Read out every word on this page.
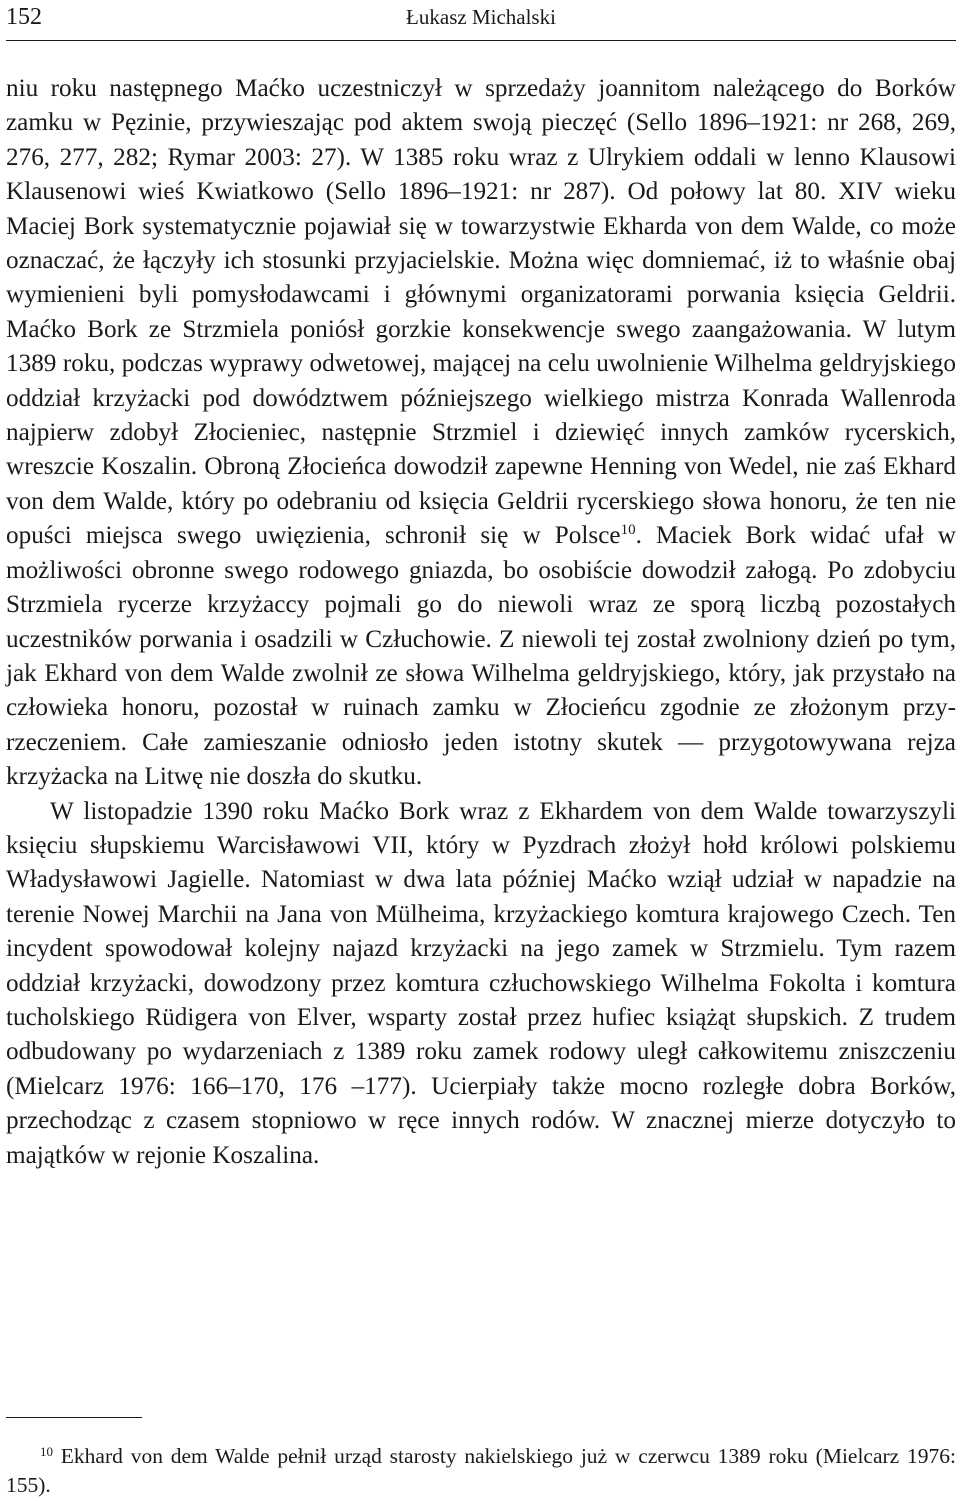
152	Łukasz Michalski

niu roku następnego Maćko uczestniczył w sprzedaży joannitom należącego do Borków zamku w Pęzinie, przywieszając pod aktem swoją pieczęć (Sello 1896–1921: nr 268, 269, 276, 277, 282; Rymar 2003: 27). W 1385 roku wraz z Ulrykiem oddali w lenno Klausowi Klausenowi wieś Kwiatkowo (Sello 1896–1921: nr 287). Od połowy lat 80. XIV wieku Maciej Bork systematycznie pojawiał się w towarzystwie Ekharda von dem Walde, co może oznaczać, że łączyły ich stosunki przyjacielskie. Można więc domniemać, iż to właśnie obaj wymienieni byli pomysłodawcami i głównymi organizatorami porwania księcia Geldrii. Maćko Bork ze Strzmiela poniósł gorzkie konsekwencje swego zaangażowania. W lutym 1389 roku, podczas wyprawy odwetowej, mającej na celu uwolnienie Wilhelma geldryjskiego oddział krzyżacki pod dowództwem późniejszego wielkiego mistrza Konrada Wallenroda najpierw zdobył Złocieniec, następnie Strzmiel i dziewięć innych zamków rycerskich, wreszcie Koszalin. Obroną Złocieńca dowodził zapewne Henning von Wedel, nie zaś Ekhard von dem Walde, który po odebraniu od księcia Geldrii rycerskiego słowa honoru, że ten nie opuści miejsca swego uwięzienia, schronił się w Polsce$^{10}$. Maciek Bork widać ufał w możliwości obronne swego rodowego gniazda, bo osobiście dowodził załogą. Po zdobyciu Strzmiela rycerze krzyżaccy pojmali go do niewoli wraz ze sporą liczbą pozostałych uczestników porwania i osadzili w Człuchowie. Z niewoli tej został zwolniony dzień po tym, jak Ekhard von dem Walde zwolnił ze słowa Wilhelma geldryjskiego, który, jak przystało na człowieka honoru, pozostał w ruinach zamku w Złocieńcu zgodnie ze złożonym przyrzeczeniem. Całe zamieszanie odniosło jeden istotny skutek — przygotowywana rejza krzyżacka na Litwę nie doszła do skutku.

W listopadzie 1390 roku Maćko Bork wraz z Ekhardem von dem Walde towarzyszyli księciu słupskiemu Warcisławowi VII, który w Pyzdrach złożył hołd królowi polskiemu Władysławowi Jagielle. Natomiast w dwa lata później Maćko wziął udział w napadzie na terenie Nowej Marchii na Jana von Mülheima, krzyżackiego komtura krajowego Czech. Ten incydent spowodował kolejny najazd krzyżacki na jego zamek w Strzmielu. Tym razem oddział krzyżacki, dowodzony przez komtura człuchowskiego Wilhelma Fokolta i komtura tucholskiego Rüdigera von Elver, wsparty został przez hufiec książąt słupskich. Z trudem odbudowany po wydarzeniach z 1389 roku zamek rodowy uległ całkowitemu zniszczeniu (Mielcarz 1976: 166–170, 176 –177). Ucierpiały także mocno rozległe dobra Borków, przechodząc z czasem stopniowo w ręce innych rodów. W znacznej mierze dotyczyło to majątków w rejonie Koszalina.

$^{10}$ Ekhard von dem Walde pełnił urząd starosty nakielskiego już w czerwcu 1389 roku (Mielcarz 1976: 155).
